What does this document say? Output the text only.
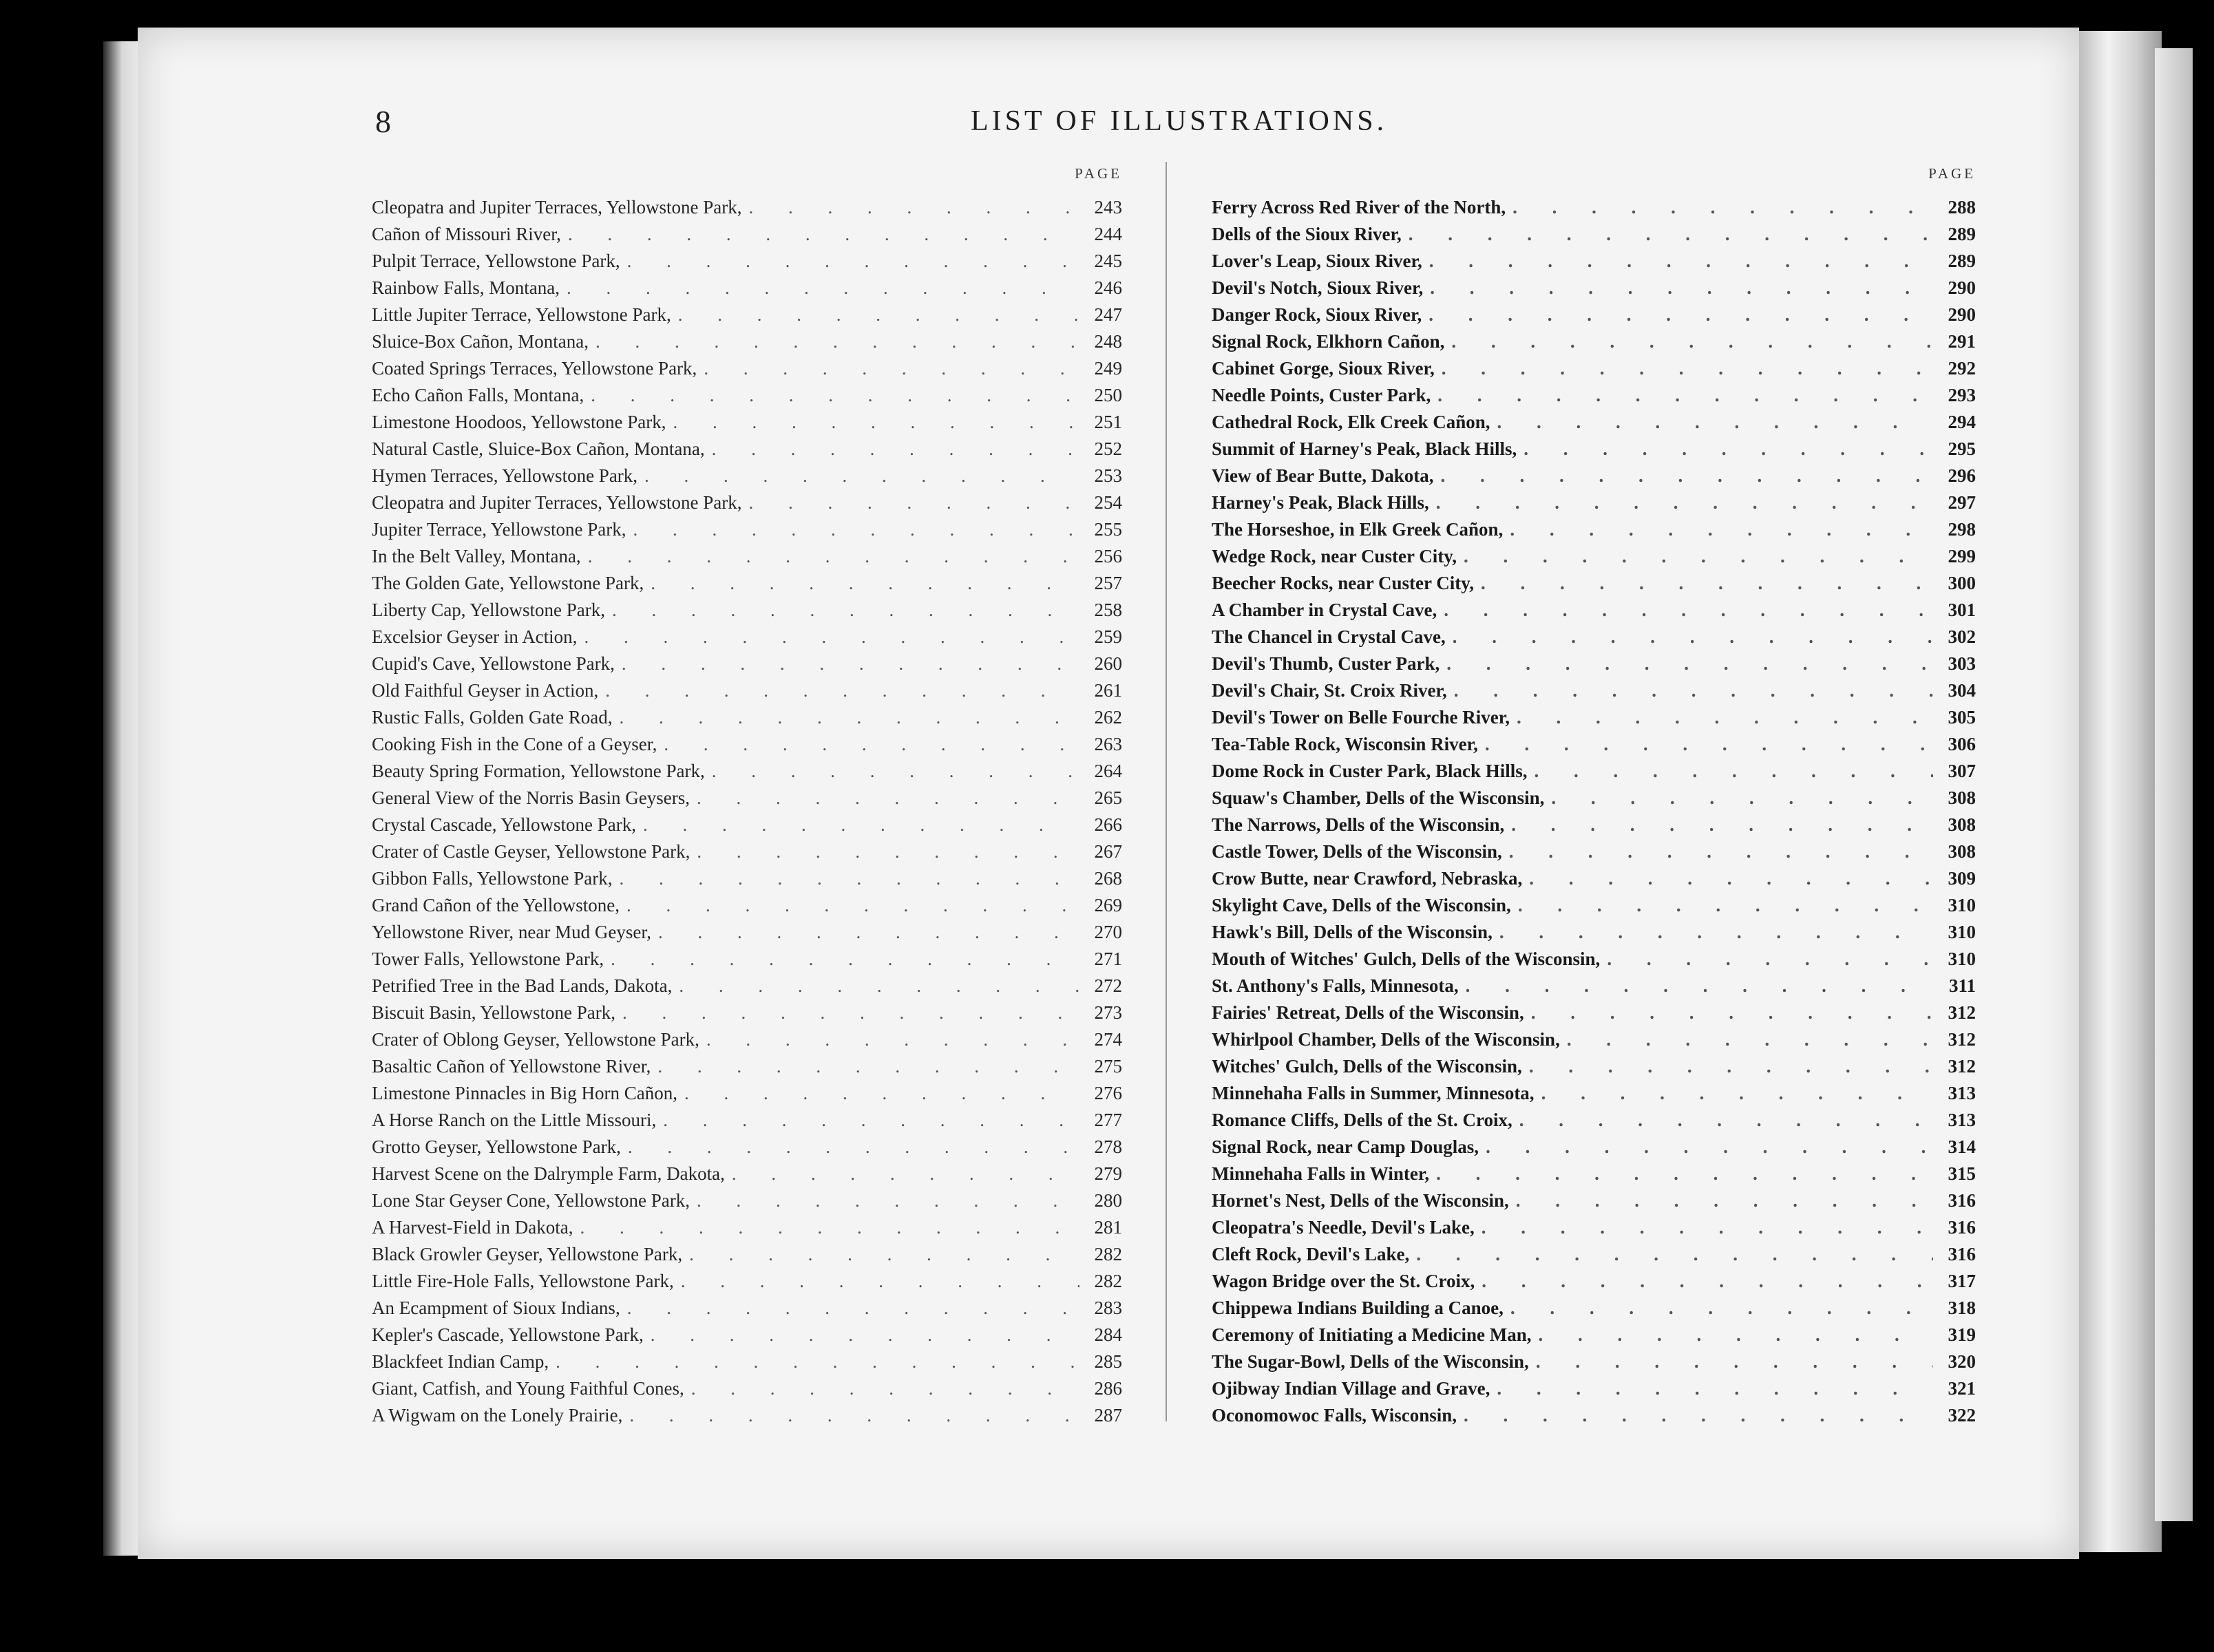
8	LIST OF ILLUSTRATIONS.
PAGE
Cleopatra and Jupiter Terraces, Yellowstone Park, . . .	243
Cañon of Missouri River, . . .	244
Pulpit Terrace, Yellowstone Park, . . .	245
Rainbow Falls, Montana, . . .	246
Little Jupiter Terrace, Yellowstone Park, . . .	247
Sluice-Box Cañon, Montana, . . .	248
Coated Springs Terraces, Yellowstone Park, . . .	249
Echo Cañon Falls, Montana, . . .	250
Limestone Hoodoos, Yellowstone Park, . . .	251
Natural Castle, Sluice-Box Cañon, Montana, . . .	252
Hymen Terraces, Yellowstone Park, . . .	253
Cleopatra and Jupiter Terraces, Yellowstone Park, . . .	254
Jupiter Terrace, Yellowstone Park, . . .	255
In the Belt Valley, Montana, . . .	256
The Golden Gate, Yellowstone Park, . . .	257
Liberty Cap, Yellowstone Park, . . .	258
Excelsior Geyser in Action, . . .	259
Cupid's Cave, Yellowstone Park, . . .	260
Old Faithful Geyser in Action, . . .	261
Rustic Falls, Golden Gate Road, . . .	262
Cooking Fish in the Cone of a Geyser, . . .	263
Beauty Spring Formation, Yellowstone Park, . . .	264
General View of the Norris Basin Geysers, . . .	265
Crystal Cascade, Yellowstone Park, . . .	266
Crater of Castle Geyser, Yellowstone Park, . . .	267
Gibbon Falls, Yellowstone Park, . . .	268
Grand Cañon of the Yellowstone, . . .	269
Yellowstone River, near Mud Geyser, . . .	270
Tower Falls, Yellowstone Park, . . .	271
Petrified Tree in the Bad Lands, Dakota, . . .	272
Biscuit Basin, Yellowstone Park, . . .	273
Crater of Oblong Geyser, Yellowstone Park, . . .	274
Basaltic Cañon of Yellowstone River, . . .	275
Limestone Pinnacles in Big Horn Cañon, . . .	276
A Horse Ranch on the Little Missouri, . . .	277
Grotto Geyser, Yellowstone Park, . . .	278
Harvest Scene on the Dalrymple Farm, Dakota, . . .	279
Lone Star Geyser Cone, Yellowstone Park, . . .	280
A Harvest-Field in Dakota, . . .	281
Black Growler Geyser, Yellowstone Park, . . .	282
Little Fire-Hole Falls, Yellowstone Park, . . .	282
An Ecampment of Sioux Indians, . . .	283
Kepler's Cascade, Yellowstone Park, . . .	284
Blackfeet Indian Camp, . . .	285
Giant, Catfish, and Young Faithful Cones, . . .	286
A Wigwam on the Lonely Prairie, . . .	287
PAGE
Ferry Across Red River of the North, . . .	288
Dells of the Sioux River, . . .	289
Lover's Leap, Sioux River, . . .	289
Devil's Notch, Sioux River, . . .	290
Danger Rock, Sioux River, . . .	290
Signal Rock, Elkhorn Cañon, . . .	291
Cabinet Gorge, Sioux River, . . .	292
Needle Points, Custer Park, . . .	293
Cathedral Rock, Elk Creek Cañon, . . .	294
Summit of Harney's Peak, Black Hills, . . .	295
View of Bear Butte, Dakota, . . .	296
Harney's Peak, Black Hills, . . .	297
The Horseshoe, in Elk Greek Cañon, . . .	298
Wedge Rock, near Custer City, . . .	299
Beecher Rocks, near Custer City, . . .	300
A Chamber in Crystal Cave, . . .	301
The Chancel in Crystal Cave, . . .	302
Devil's Thumb, Custer Park, . . .	303
Devil's Chair, St. Croix River, . . .	304
Devil's Tower on Belle Fourche River, . . .	305
Tea-Table Rock, Wisconsin River, . . .	306
Dome Rock in Custer Park, Black Hills, . . .	307
Squaw's Chamber, Dells of the Wisconsin, . . .	308
The Narrows, Dells of the Wisconsin, . . .	308
Castle Tower, Dells of the Wisconsin, . . .	308
Crow Butte, near Crawford, Nebraska, . . .	309
Skylight Cave, Dells of the Wisconsin, . . .	310
Hawk's Bill, Dells of the Wisconsin, . . .	310
Mouth of Witches' Gulch, Dells of the Wisconsin, . . .	310
St. Anthony's Falls, Minnesota, . . .	311
Fairies' Retreat, Dells of the Wisconsin, . . .	312
Whirlpool Chamber, Dells of the Wisconsin, . . .	312
Witches' Gulch, Dells of the Wisconsin, . . .	312
Minnehaha Falls in Summer, Minnesota, . . .	313
Romance Cliffs, Dells of the St. Croix, . . .	313
Signal Rock, near Camp Douglas, . . .	314
Minnehaha Falls in Winter, . . .	315
Hornet's Nest, Dells of the Wisconsin, . . .	316
Cleopatra's Needle, Devil's Lake, . . .	316
Cleft Rock, Devil's Lake, . . .	316
Wagon Bridge over the St. Croix, . . .	317
Chippewa Indians Building a Canoe, . . .	318
Ceremony of Initiating a Medicine Man, . . .	319
The Sugar-Bowl, Dells of the Wisconsin, . . .	320
Ojibway Indian Village and Grave, . . .	321
Oconomowoc Falls, Wisconsin, . . .	322
